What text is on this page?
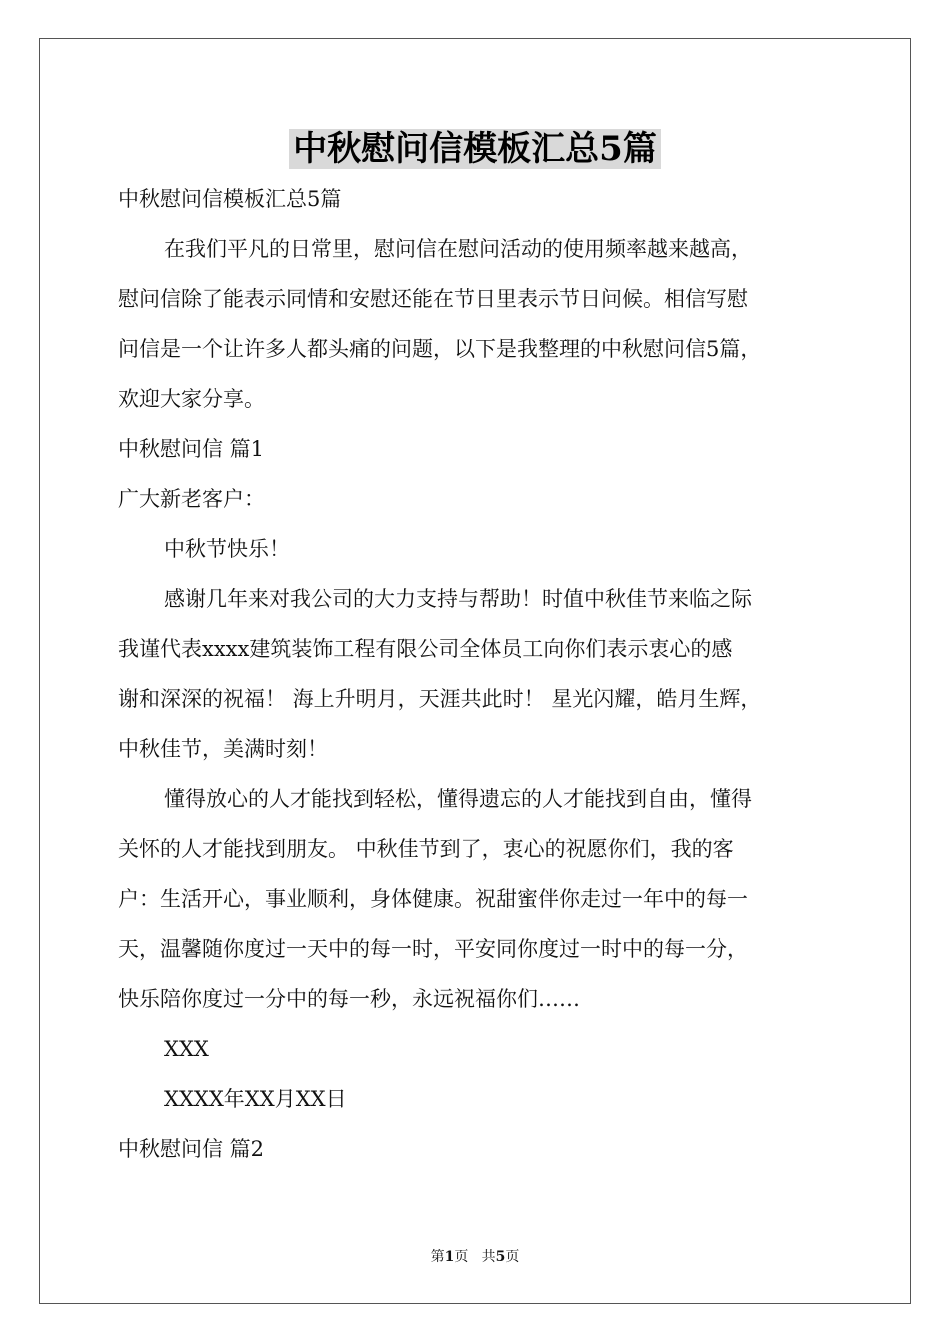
中秋慰问信模板汇总5篇
中秋慰问信模板汇总5篇
在我们平凡的日常里，慰问信在慰问活动的使用频率越来越高，
慰问信除了能表示同情和安慰还能在节日里表示节日问候。相信写慰
问信是一个让许多人都头痛的问题，以下是我整理的中秋慰问信5篇，
欢迎大家分享。
中秋慰问信 篇1
广大新老客户：
中秋节快乐！
感谢几年来对我公司的大力支持与帮助！时值中秋佳节来临之际
我谨代表xxxx建筑装饰工程有限公司全体员工向你们表示衷心的感
谢和深深的祝福！ 海上升明月，天涯共此时！ 星光闪耀，皓月生辉，
中秋佳节，美满时刻！
懂得放心的人才能找到轻松，懂得遗忘的人才能找到自由，懂得
关怀的人才能找到朋友。 中秋佳节到了，衷心的祝愿你们，我的客
户：生活开心，事业顺利，身体健康。祝甜蜜伴你走过一年中的每一
天，温馨随你度过一天中的每一时，平安同你度过一时中的每一分，
快乐陪你度过一分中的每一秒，永远祝福你们……
XXX
XXXX年XX月XX日
中秋慰问信 篇2
第1页 共5页
